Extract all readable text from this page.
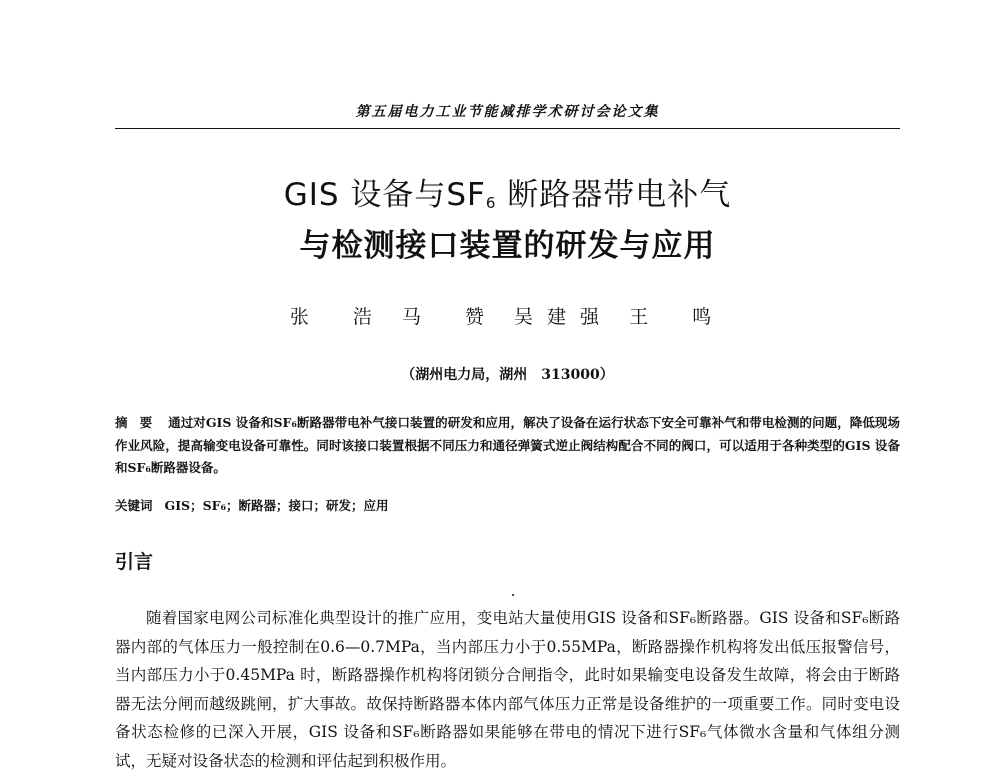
第五届电力工业节能减排学术研讨会论文集
GIS 设备与$SF_6$ 断路器带电补气
与检测接口装置的研发与应用
张 浩 马 赞 吴建强 王 鸣
（湖州电力局，湖州　313000）
摘要 通过对GIS 设备和SF₆断路器带电补气接口装置的研发和应用，解决了设备在运行状态下安全可靠补气和带电检测的问题，降低现场作业风险，提高输变电设备可靠性。同时该接口装置根据不同压力和通径弹簧式逆止阀结构配合不同的阀口，可以适用于各种类型的GIS 设备和SF₆断路器设备。
关键词 GIS；SF₆；断路器；接口；研发；应用
引言
随着国家电网公司标准化典型设计的推广应用，变电站大量使用GIS 设备和SF₆断路器。GIS 设备和SF₆断路器内部的气体压力一般控制在0.6—0.7MPa，当内部压力小于0.55MPa，断路器操作机构将发出低压报警信号，当内部压力小于0.45MPa 时，断路器操作机构将闭锁分合闸指令，此时如果输变电设备发生故障，将会由于断路器无法分闸而越级跳闸，扩大事故。故保持断路器本体内部气体压力正常是设备维护的一项重要工作。同时变电设备状态检修的已深入开展，GIS 设备和SF₆断路器如果能够在带电的情况下进行SF₆气体微水含量和气体组分测试，无疑对设备状态的检测和评估起到积极作用。
